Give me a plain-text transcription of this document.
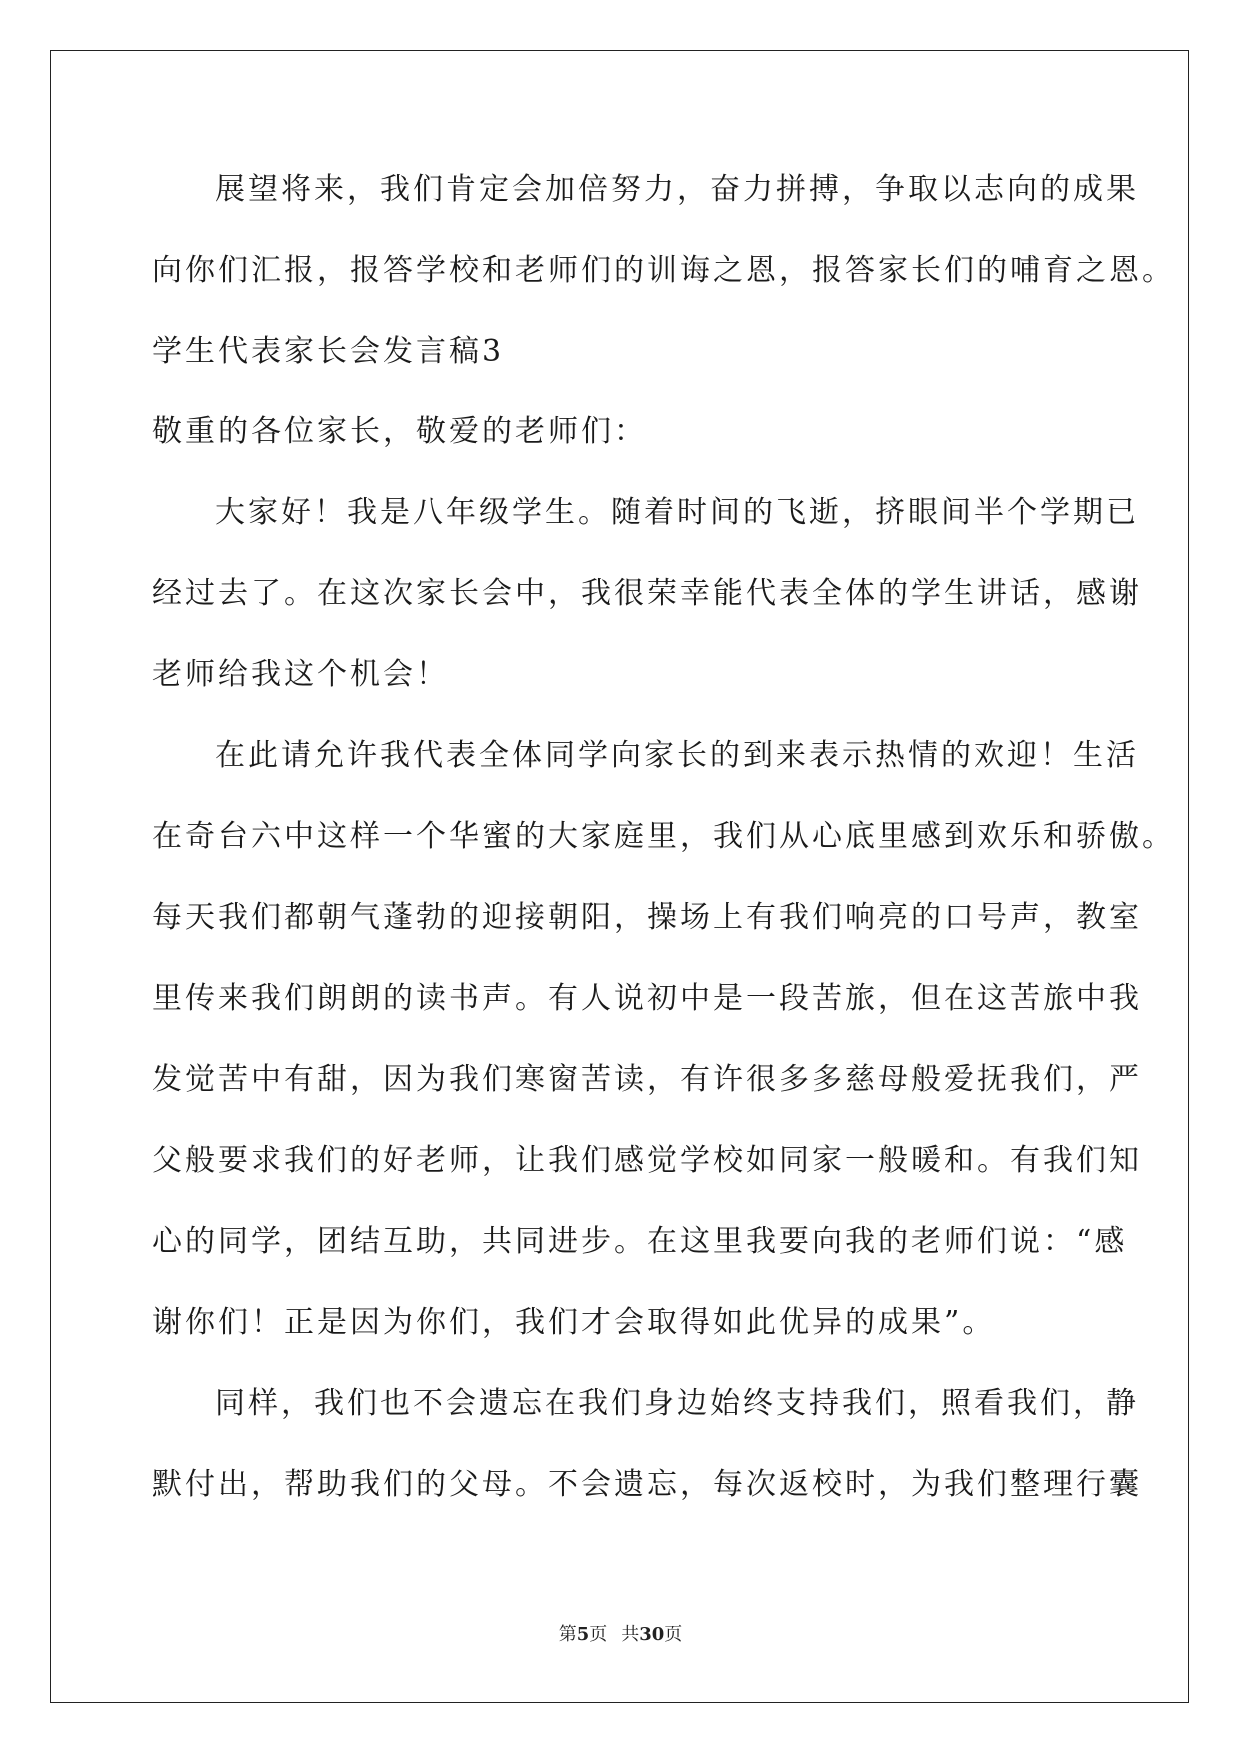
展望将来，我们肯定会加倍努力，奋力拼搏，争取以志向的成果
向你们汇报，报答学校和老师们的训诲之恩，报答家长们的哺育之恩。
学生代表家长会发言稿3
敬重的各位家长，敬爱的老师们：
大家好！我是八年级学生。随着时间的飞逝，挤眼间半个学期已
经过去了。在这次家长会中，我很荣幸能代表全体的学生讲话，感谢
老师给我这个机会！
在此请允许我代表全体同学向家长的到来表示热情的欢迎！生活
在奇台六中这样一个华蜜的大家庭里，我们从心底里感到欢乐和骄傲。
每天我们都朝气蓬勃的迎接朝阳，操场上有我们响亮的口号声，教室
里传来我们朗朗的读书声。有人说初中是一段苦旅，但在这苦旅中我
发觉苦中有甜，因为我们寒窗苦读，有许很多多慈母般爱抚我们，严
父般要求我们的好老师，让我们感觉学校如同家一般暖和。有我们知
心的同学，团结互助，共同进步。在这里我要向我的老师们说：“感
谢你们！正是因为你们，我们才会取得如此优异的成果”。
同样，我们也不会遗忘在我们身边始终支持我们，照看我们，静
默付出，帮助我们的父母。不会遗忘，每次返校时，为我们整理行囊
第5页 共30页
